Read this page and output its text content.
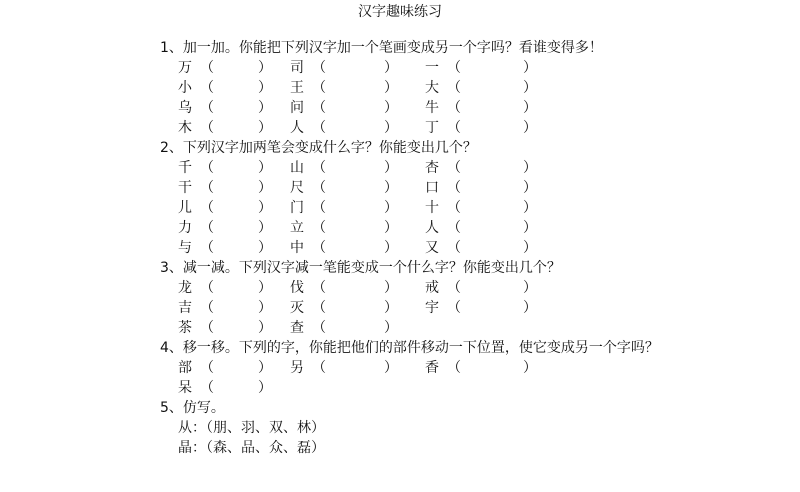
汉字趣味练习
1、加一加。你能把下列汉字加一个笔画变成另一个字吗？看谁变得多！
万 （	） 司 （	） 一 （	）
小 （	） 王 （	） 大 （	）
乌 （	） 问 （	） 牛 （	）
木 （	） 人 （	） 丁 （	）
2、下列汉字加两笔会变成什么字？你能变出几个？
千 （	） 山 （	） 杏 （	）
干 （	） 尺 （	） 口 （	）
儿 （	） 门 （	） 十 （	）
力 （	） 立 （	） 人 （	）
与 （	） 中 （	） 又 （	）
3、减一减。下列汉字减一笔能变成一个什么字？你能变出几个？
龙 （	） 伐 （	） 戒 （	）
吉 （	） 灭 （	） 宇 （	）
茶 （	） 查 （	）
4、移一移。下列的字，你能把他们的部件移动一下位置，使它变成另一个字吗？
部 （	） 另 （	） 香 （	）
呆 （	）
5、仿写。
从：（朋、羽、双、林）
晶：（森、品、众、磊）
